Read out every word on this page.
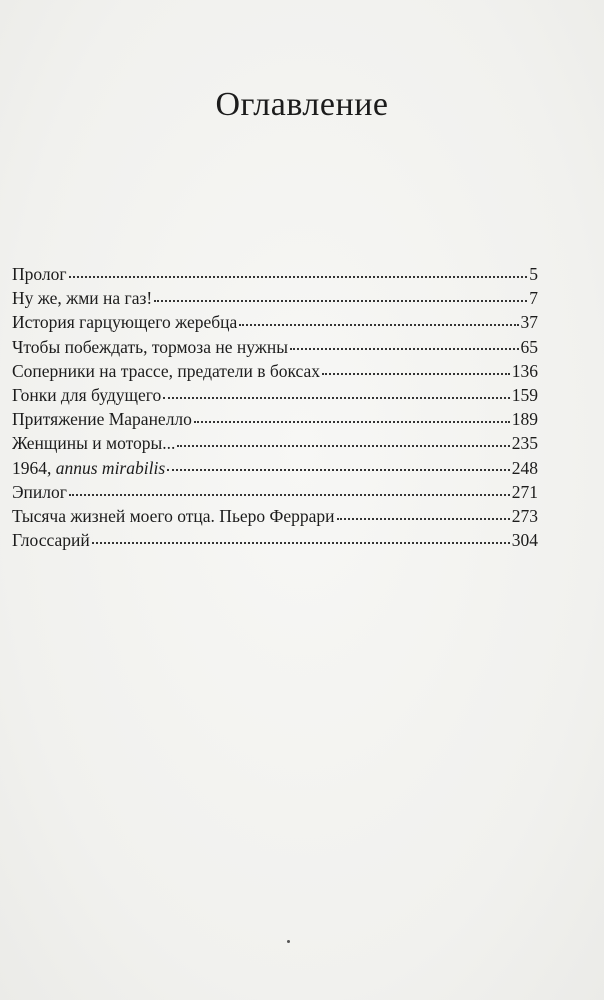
Оглавление
Пролог	5
Ну же, жми на газ!	7
История гарцующего жеребца	37
Чтобы побеждать, тормоза не нужны	65
Соперники на трассе, предатели в боксах	136
Гонки для будущего	159
Притяжение Маранелло	189
Женщины и моторы...	235
1964, annus mirabilis	248
Эпилог	271
Тысяча жизней моего отца. Пьеро Феррари	273
Глоссарий	304
